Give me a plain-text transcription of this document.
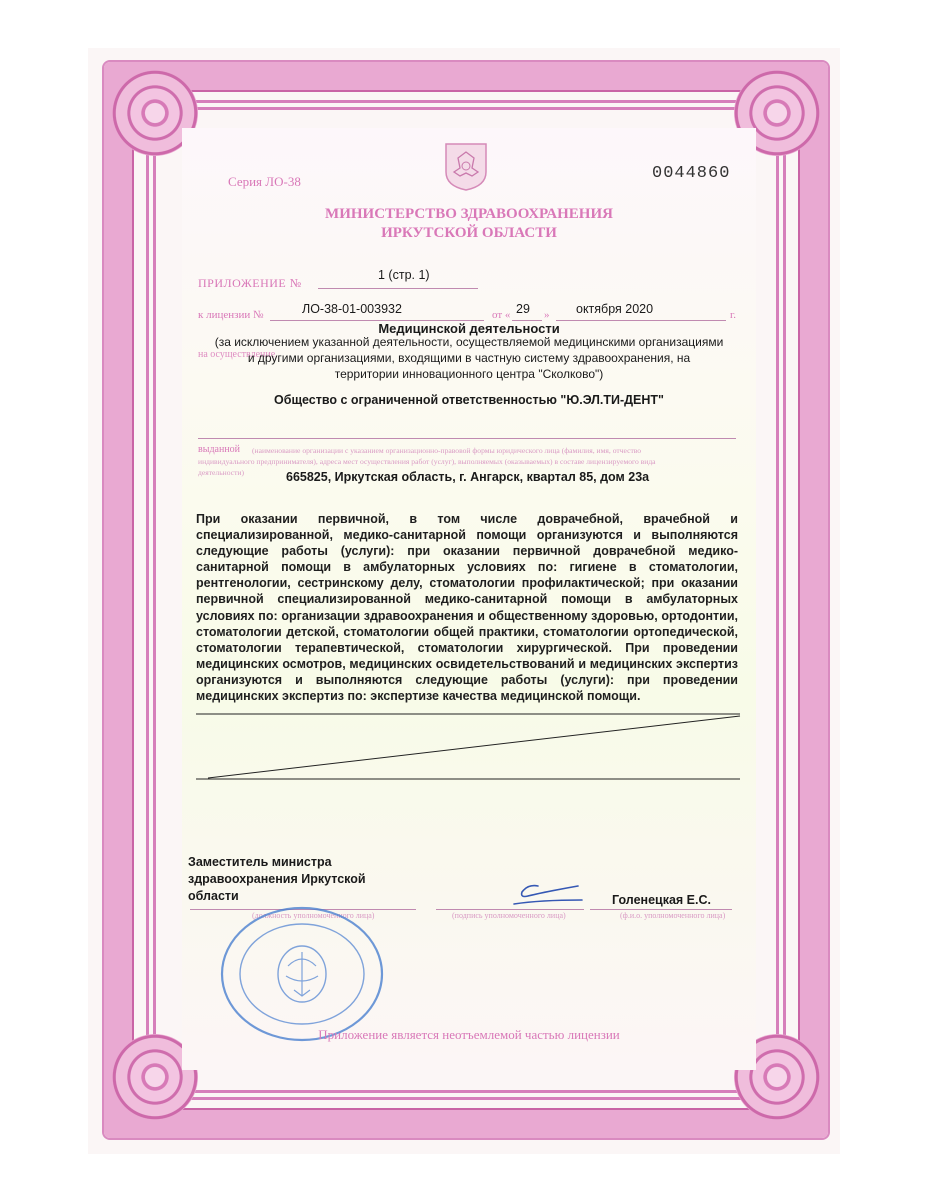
Серия ЛО-38	0044860
МИНИСТЕРСТВО ЗДРАВООХРАНЕНИЯ
ИРКУТСКОЙ ОБЛАСТИ
ПРИЛОЖЕНИЕ №
1 (стр. 1)
к лицензии №	ЛО-38-01-003932	от « 29 » октября 2020	г.
Медицинской деятельности
на осуществление
(за исключением указанной деятельности, осуществляемой медицинскими организациями
и другими организациями, входящими в частную систему здравоохранения, на
территории инновационного центра "Сколково")
Общество с ограниченной ответственностью "Ю.ЭЛ.ТИ-ДЕНТ"
выданной (наименование организации с указанием организационно-правовой формы юридического лица (фамилия, имя, отчество
индивидуального предпринимателя), адреса мест осуществления работ (услуг), выполняемых (оказываемых) в составе лицензируемого вида
деятельности)	665825, Иркутская область, г. Ангарск, квартал 85, дом 23а
При оказании первичной, в том числе доврачебной, врачебной и специализированной, медико-санитарной помощи организуются и выполняются следующие работы (услуги): при оказании первичной доврачебной медико-санитарной помощи в амбулаторных условиях по: гигиене в стоматологии, рентгенологии, сестринскому делу, стоматологии профилактической; при оказании первичной специализированной медико-санитарной помощи в амбулаторных условиях по: организации здравоохранения и общественному здоровью, ортодонтии, стоматологии детской, стоматологии общей практики, стоматологии ортопедической, стоматологии терапевтической, стоматологии хирургической. При проведении медицинских осмотров, медицинских освидетельствований и медицинских экспертиз организуются и выполняются следующие работы (услуги): при проведении медицинских экспертиз по: экспертизе качества медицинской помощи.
Заместитель министра
здравоохранения Иркутской
области
(должность уполномоченного лица)	(подпись уполномоченного лица)
Голенецкая Е.С.
(ф.и.о. уполномоченного лица)
Приложение является неотъемлемой частью лицензии
